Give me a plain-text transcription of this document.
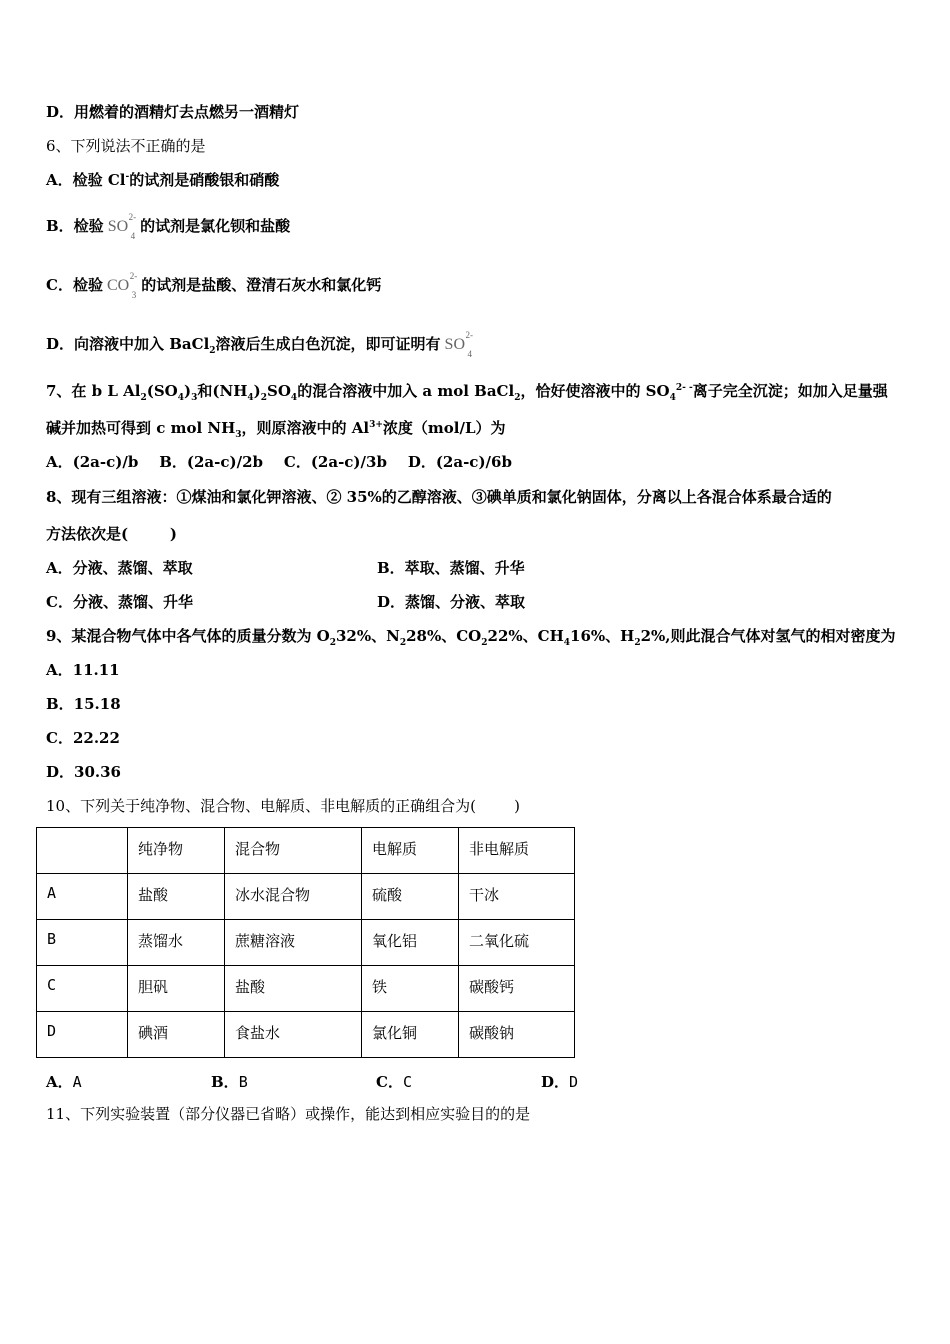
D．用燃着的酒精灯去点燃另一酒精灯
6、下列说法不正确的是
A．检验 Cl-的试剂是硝酸银和硝酸
B．检验 SO
2-
4
的试剂是氯化钡和盐酸
C．检验 CO
2-
3
的试剂是盐酸、澄清石灰水和氯化钙
D．向溶液中加入 BaCl$_2$溶液后生成白色沉淀，即可证明有 SO
2-
4
7、在 b L $Al_2(SO_4)_3$和$(NH_4)_2SO_4$的混合溶液中加入 a mol BaCl$_2$，恰好使溶液中的 $SO_4^{2- -}$离子完全沉淀；如加入足量强
碱并加热可得到 c mol $NH_3$，则原溶液中的 $Al^{3+}$浓度（mol/L）为
A．(2a-c)/b    B．(2a-c)/2b    C．(2a-c)/3b    D．(2a-c)/6b
8、现有三组溶液：①煤油和氯化钾溶液、② 35%的乙醇溶液、③碘单质和氯化钠固体，分离以上各混合体系最合适的
方法依次是(        )
A．分液、蒸馏、萃取	B．萃取、蒸馏、升华
C．分液、蒸馏、升华	D．蒸馏、分液、萃取
9、某混合物气体中各气体的质量分数为 $O_232\%$、$N_228\%$、$CO_222\%$、$CH_416\%$、$H_22\%$,则此混合气体对氢气的相对密度为
A．11.11
B．15.18
C．22.22
D．30.36
10、下列关于纯净物、混合物、电解质、非电解质的正确组合为(        )
	纯净物	混合物	电解质	非电解质
A	盐酸	冰水混合物	硫酸	干冰
B	蒸馏水	蔗糖溶液	氧化铝	二氧化硫
C	胆矾	盐酸	铁	碳酸钙
D	碘酒	食盐水	氯化铜	碳酸钠
A．A	B．B	C．C	D．D
11、下列实验装置（部分仪器已省略）或操作，能达到相应实验目的的是
